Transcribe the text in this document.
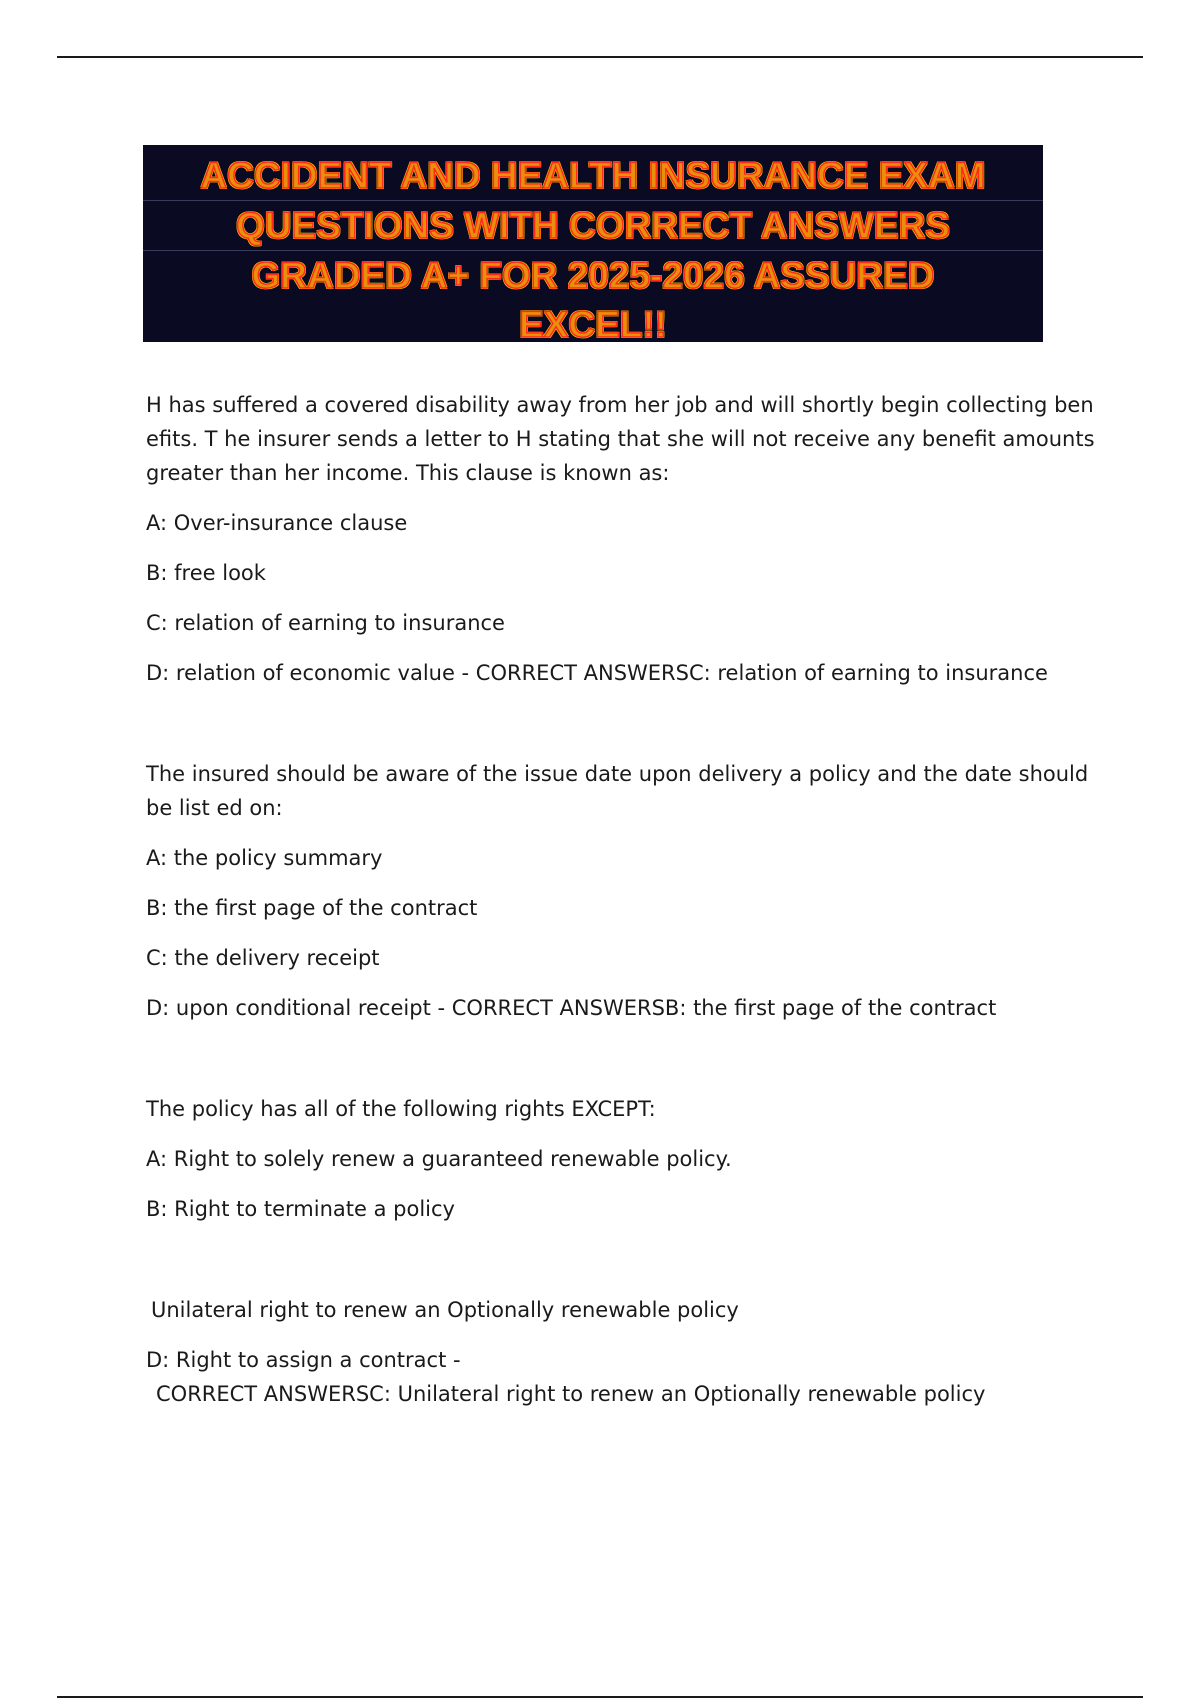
ACCIDENT AND HEALTH INSURANCE EXAM
QUESTIONS WITH CORRECT ANSWERS
GRADED A+ FOR 2025-2026 ASSURED
EXCEL!!

H has suffered a covered disability away from her job and will shortly begin collecting benefits. T he insurer sends a letter to H stating that she will not receive any benefit amounts greater than her income. This clause is known as:

A: Over-insurance clause
B: free look
C: relation of earning to insurance
D: relation of economic value - CORRECT ANSWERSC: relation of earning to insurance

The insured should be aware of the issue date upon delivery a policy and the date should be list ed on:

A: the policy summary
B: the first page of the contract
C: the delivery receipt
D: upon conditional receipt - CORRECT ANSWERSB: the first page of the contract
The policy has all of the following rights EXCEPT:
A: Right to solely renew a guaranteed renewable policy.
B: Right to terminate a policy
Unilateral right to renew an Optionally renewable policy
D: Right to assign a contract -
CORRECT ANSWERSC: Unilateral right to renew an Optionally renewable policy
